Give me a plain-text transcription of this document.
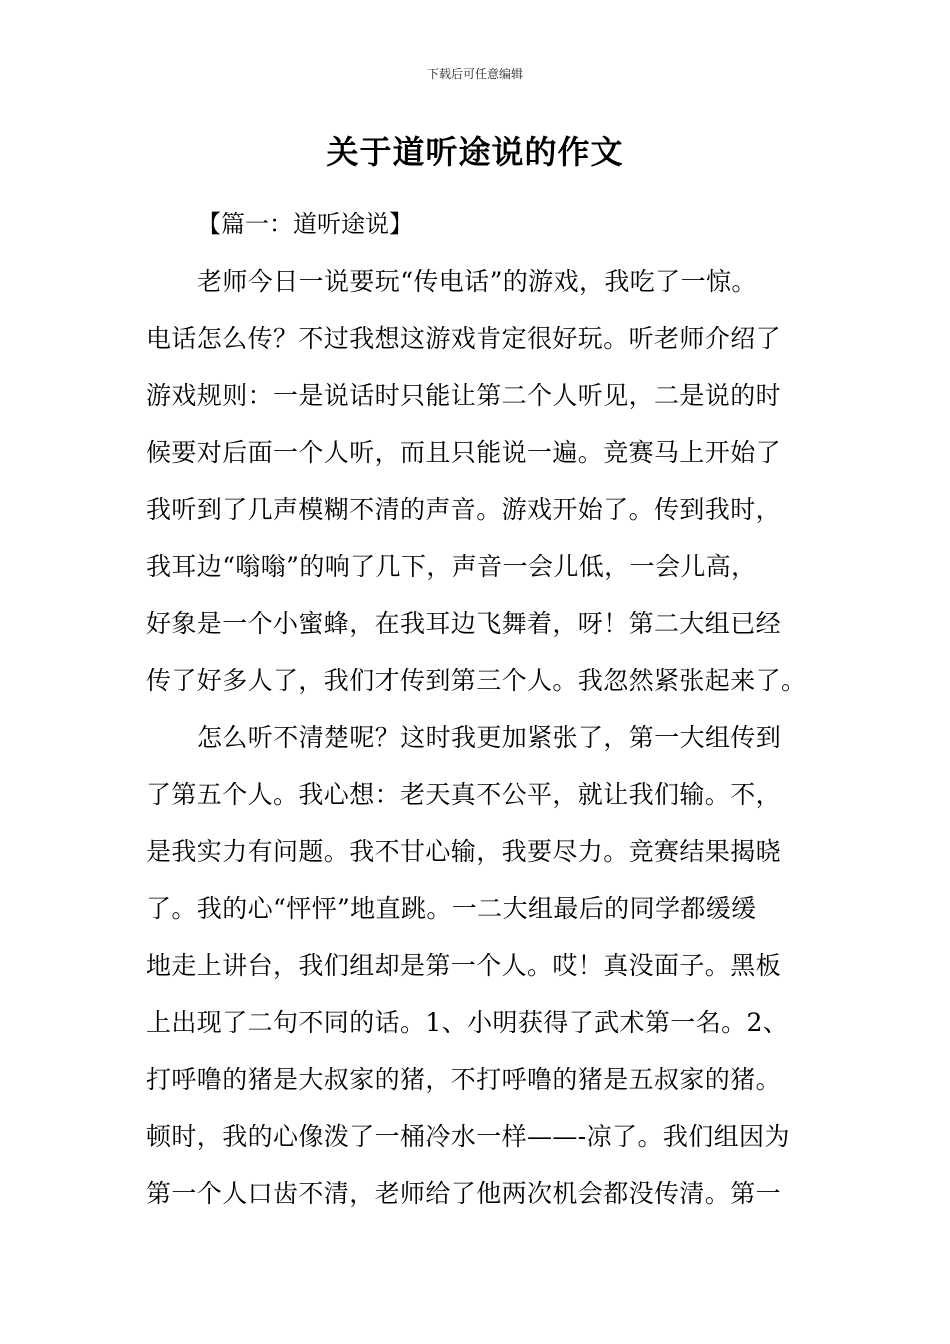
下载后可任意编辑
关于道听途说的作文
【篇一：道听途说】
老师今日一说要玩“传电话”的游戏，我吃了一惊。
电话怎么传？不过我想这游戏肯定很好玩。听老师介绍了
游戏规则：一是说话时只能让第二个人听见，二是说的时
候要对后面一个人听，而且只能说一遍。竞赛马上开始了
我听到了几声模糊不清的声音。游戏开始了。传到我时，
我耳边“嗡嗡”的响了几下，声音一会儿低，一会儿高，
好象是一个小蜜蜂，在我耳边飞舞着，呀！第二大组已经
传了好多人了，我们才传到第三个人。我忽然紧张起来了。
怎么听不清楚呢？这时我更加紧张了，第一大组传到
了第五个人。我心想：老天真不公平，就让我们输。不，
是我实力有问题。我不甘心输，我要尽力。竞赛结果揭晓
了。我的心“怦怦”地直跳。一二大组最后的同学都缓缓
地走上讲台，我们组却是第一个人。哎！真没面子。黑板
上出现了二句不同的话。1、小明获得了武术第一名。2、
打呼噜的猪是大叔家的猪，不打呼噜的猪是五叔家的猪。
顿时，我的心像泼了一桶冷水一样——-凉了。我们组因为
第一个人口齿不清，老师给了他两次机会都没传清。第一
